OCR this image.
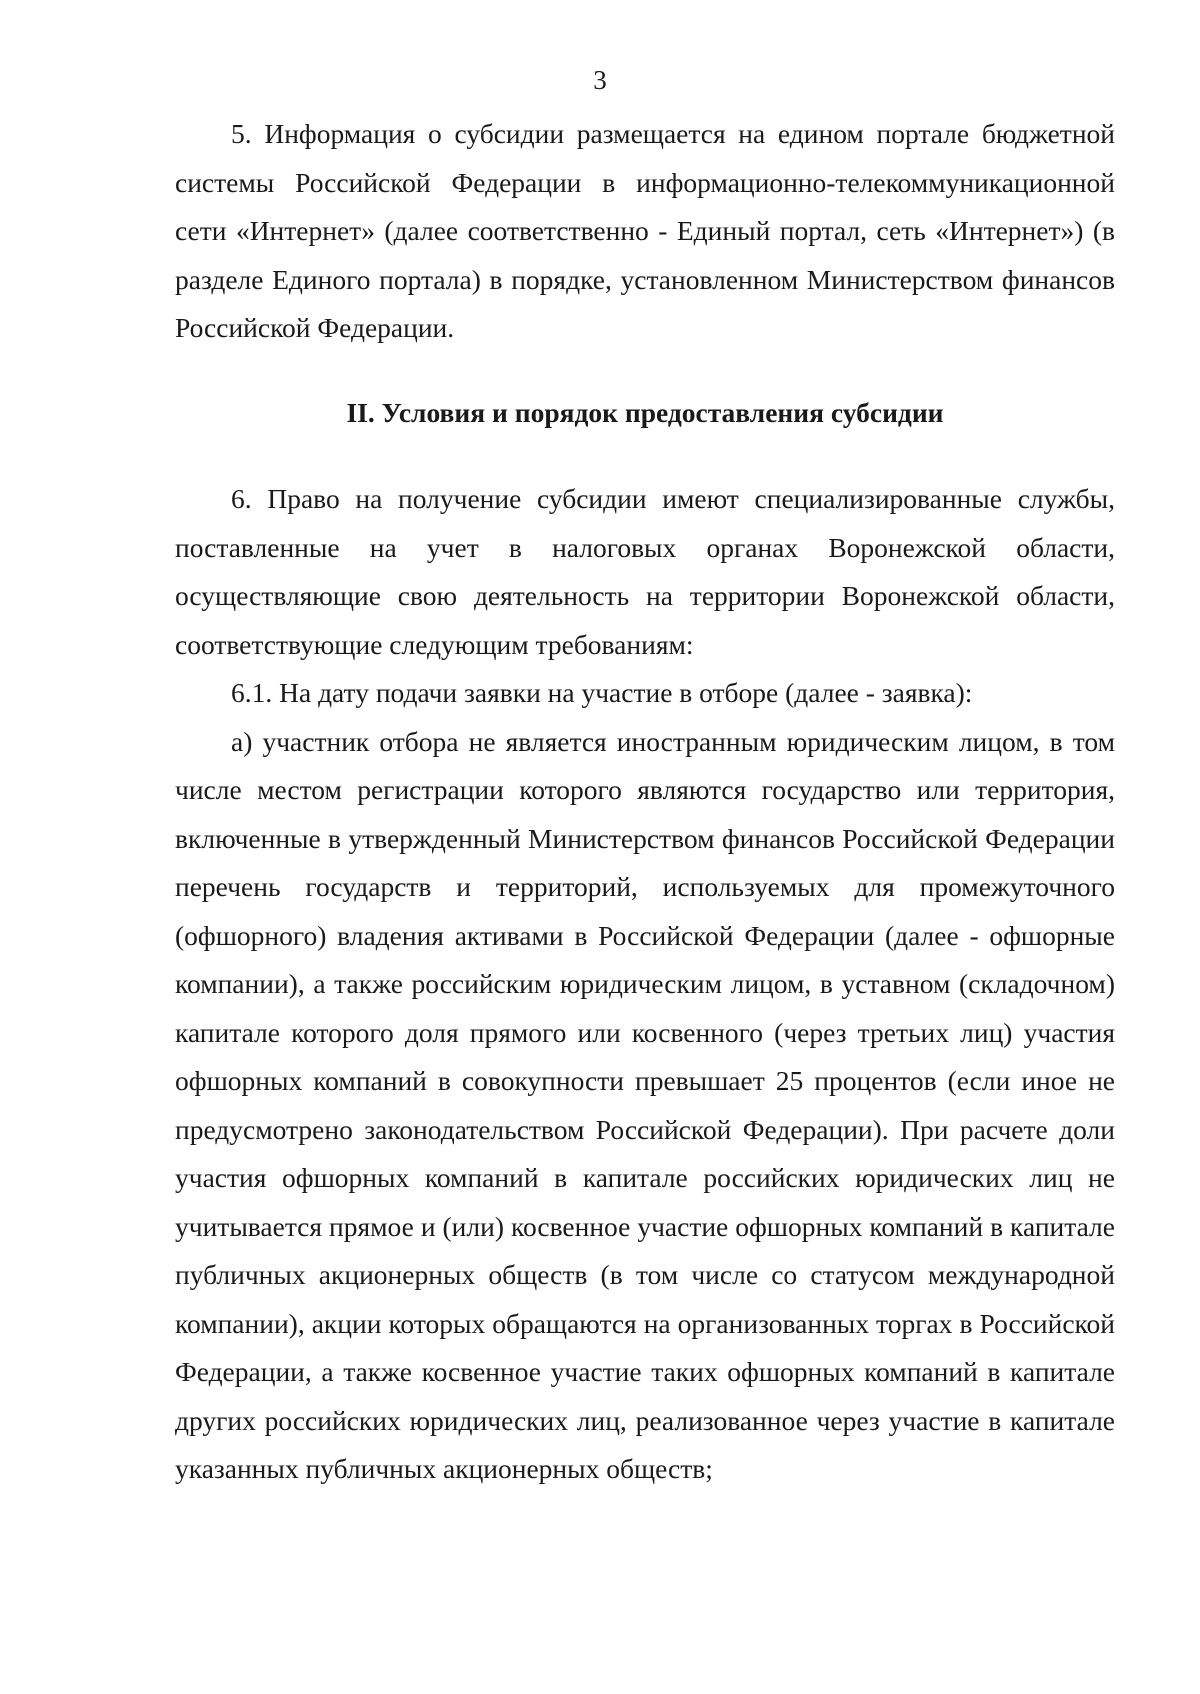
3

5. Информация о субсидии размещается на едином портале бюджетной системы Российской Федерации в информационно-телекоммуникационной сети «Интернет» (далее соответственно - Единый портал, сеть «Интернет») (в разделе Единого портала) в порядке, установленном Министерством финансов Российской Федерации.

II. Условия и порядок предоставления субсидии

6. Право на получение субсидии имеют специализированные службы, поставленные на учет в налоговых органах Воронежской области, осуществляющие свою деятельность на территории Воронежской области, соответствующие следующим требованиям:

6.1. На дату подачи заявки на участие в отборе (далее - заявка):

а) участник отбора не является иностранным юридическим лицом, в том числе местом регистрации которого являются государство или территория, включенные в утвержденный Министерством финансов Российской Федерации перечень государств и территорий, используемых для промежуточного (офшорного) владения активами в Российской Федерации (далее - офшорные компании), а также российским юридическим лицом, в уставном (складочном) капитале которого доля прямого или косвенного (через третьих лиц) участия офшорных компаний в совокупности превышает 25 процентов (если иное не предусмотрено законодательством Российской Федерации). При расчете доли участия офшорных компаний в капитале российских юридических лиц не учитывается прямое и (или) косвенное участие офшорных компаний в капитале публичных акционерных обществ (в том числе со статусом международной компании), акции которых обращаются на организованных торгах в Российской Федерации, а также косвенное участие таких офшорных компаний в капитале других российских юридических лиц, реализованное через участие в капитале указанных публичных акционерных обществ;
